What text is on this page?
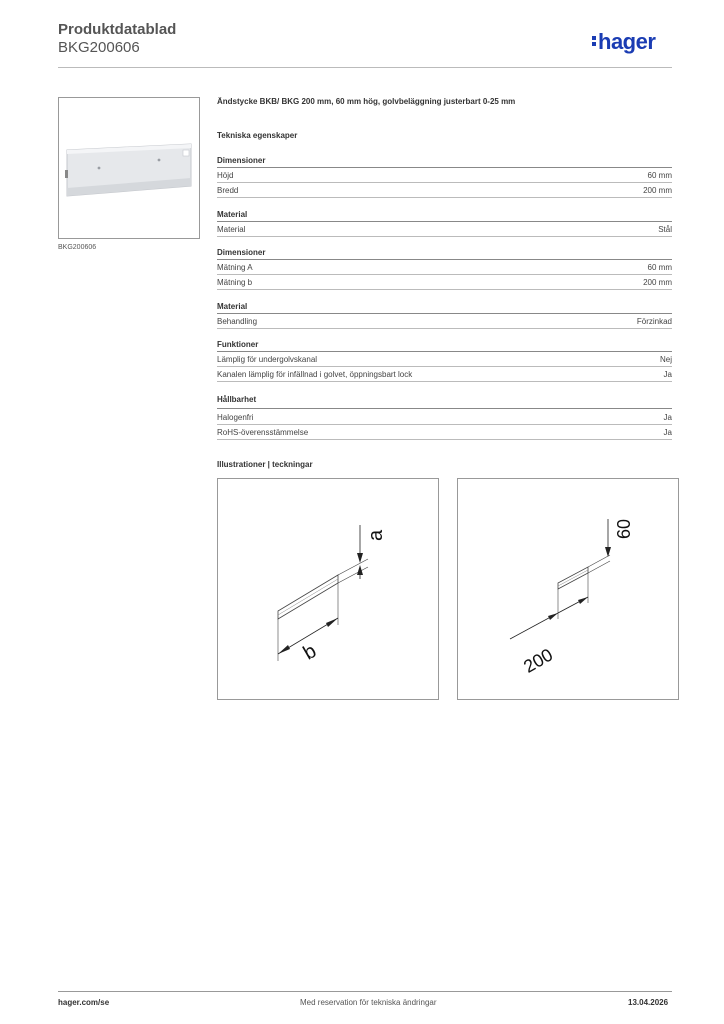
Produktdatablad
BKG200606	hager
BKG200606
Ändstycke BKB/ BKG 200 mm, 60 mm hög, golvbeläggning justerbart 0-25 mm
Tekniska egenskaper
Dimensioner
Höjd	60 mm
Bredd	200 mm
Material
Material	Stål
Dimensioner
Mätning A	60 mm
Mätning b	200 mm
Material
Behandling	Förzinkad
Funktioner
Lämplig för undergolvskanal	Nej
Kanalen lämplig för infällnad i golvet, öppningsbart lock	Ja
Hållbarhet
Halogenfri	Ja
RoHS-överensstämmelse	Ja
Illustrationer | teckningar
a
b
60
200
hager.com/se	Med reservation för tekniska ändringar	13.04.2026
